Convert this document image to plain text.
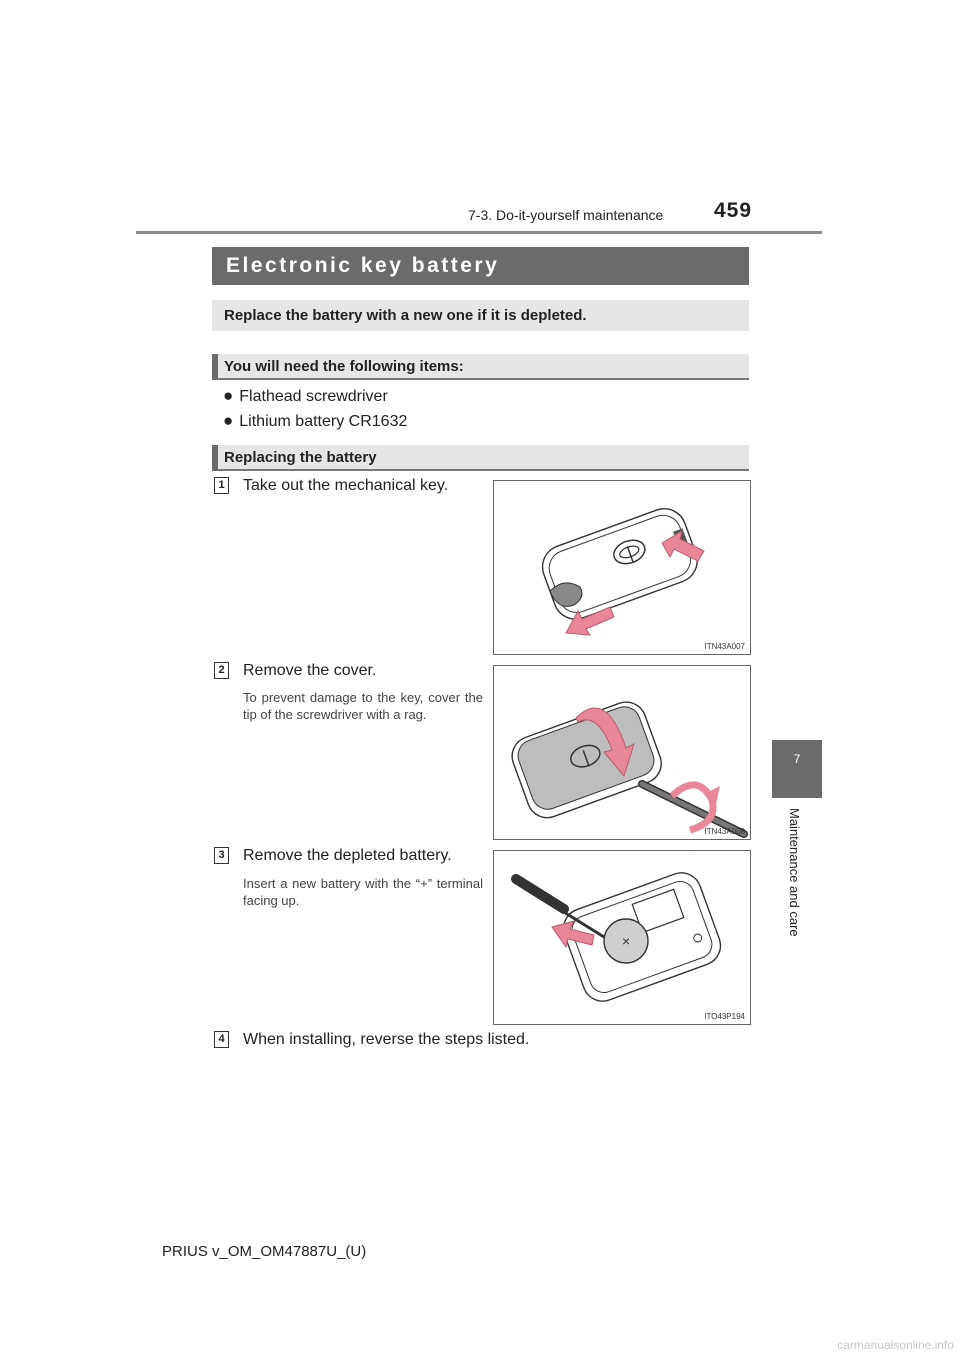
7-3. Do-it-yourself maintenance 459
Electronic key battery
Replace the battery with a new one if it is depleted.
You will need the following items:
● Flathead screwdriver
● Lithium battery CR1632
Replacing the battery
1 Take out the mechanical key.
ITN43A007
2 Remove the cover.
To prevent damage to the key, cover the tip of the screwdriver with a rag.
ITN43A008
3 Remove the depleted battery.
Insert a new battery with the “+” terminal facing up.
×
ITO43P194
4 When installing, reverse the steps listed.
7
Maintenance and care
PRIUS v_OM_OM47887U_(U)
carmanualsonline.info
